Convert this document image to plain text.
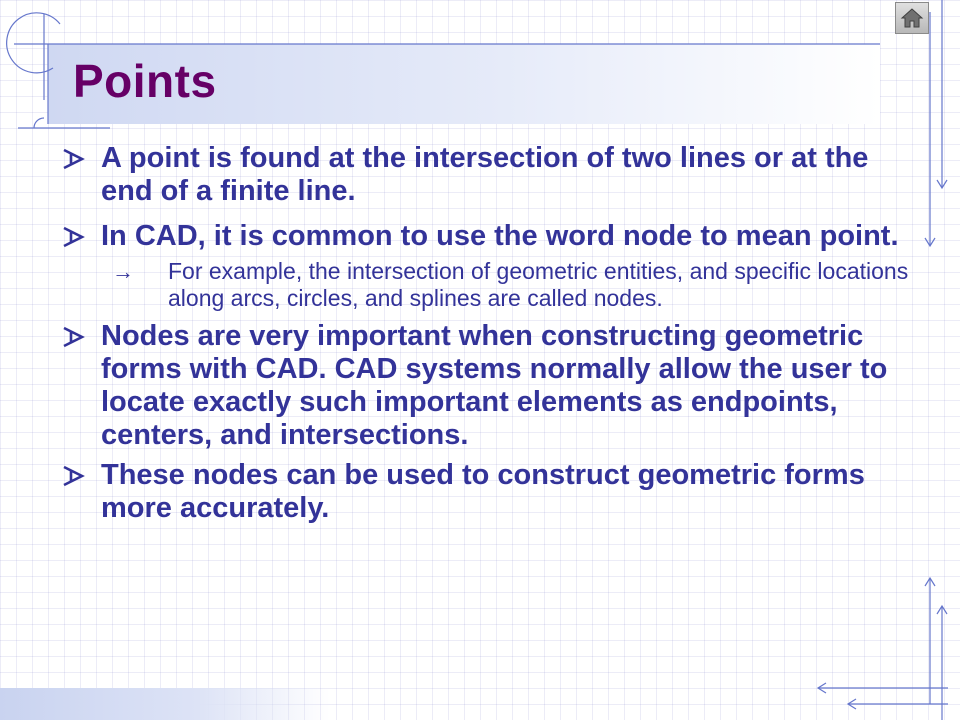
Points
A point is found at the intersection of two lines or at the end of a finite line.
In CAD, it is common to use the word node to mean point.
→ For example, the intersection of geometric entities, and specific locations along arcs, circles, and splines are called nodes.
Nodes are very important when constructing geometric forms with CAD. CAD systems normally allow the user to locate exactly such important elements as endpoints, centers, and intersections.
These nodes can be used to construct geometric forms more accurately.
